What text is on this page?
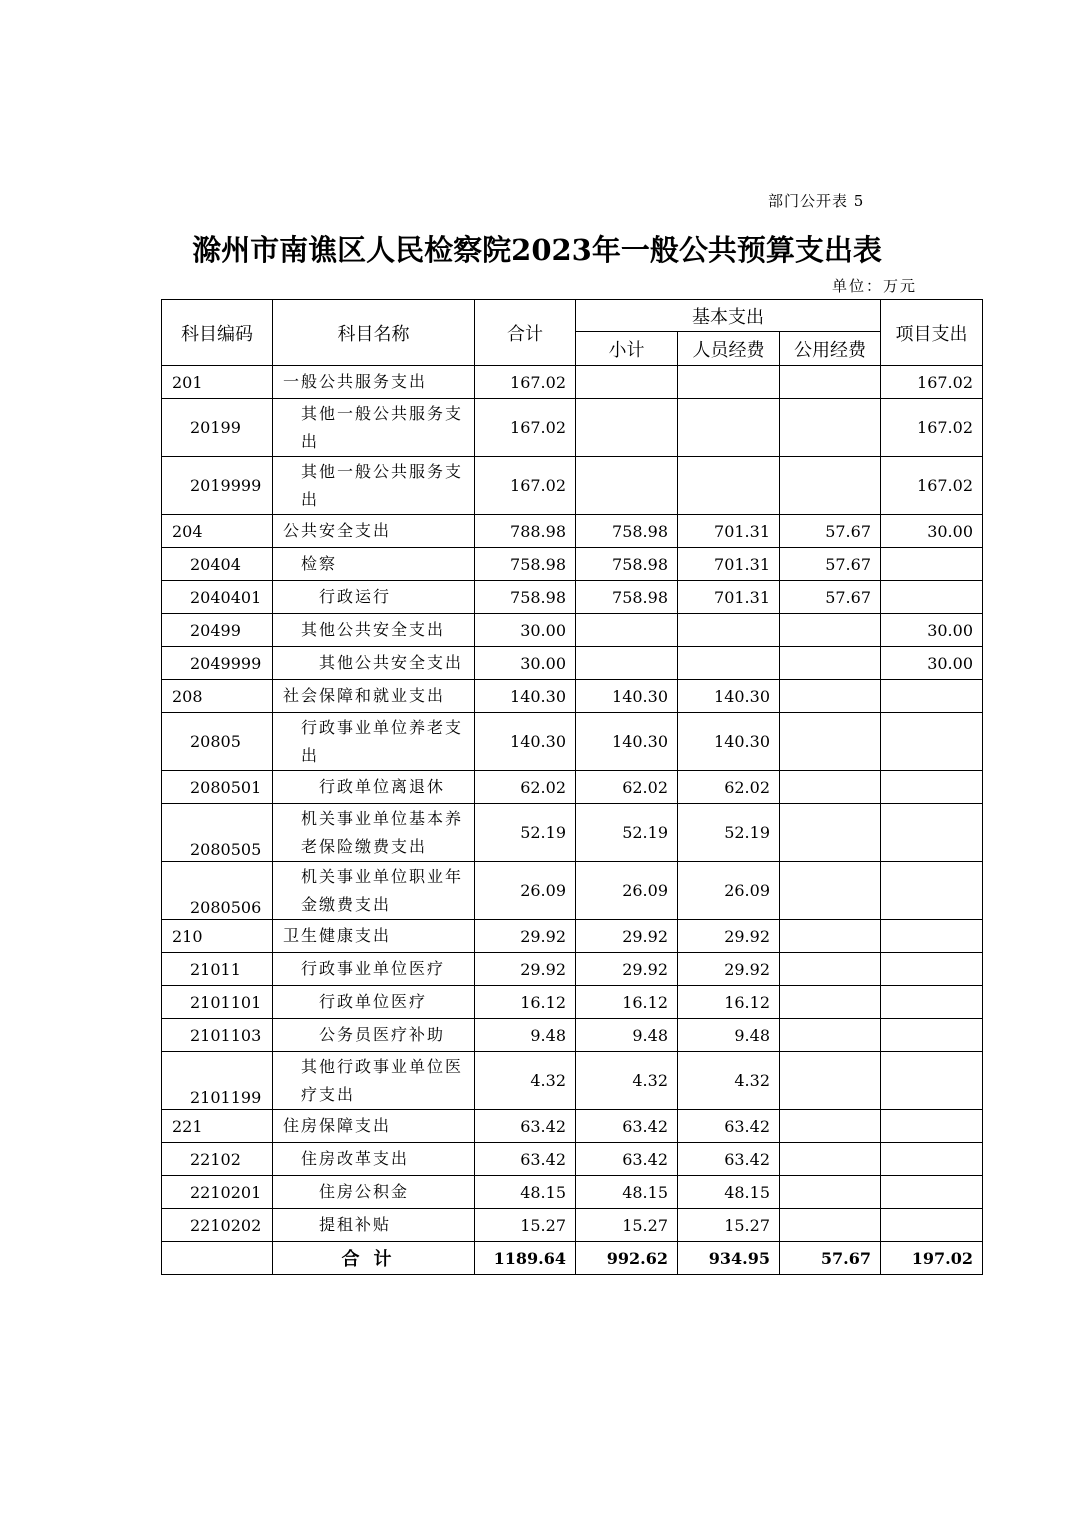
部门公开表 5
滁州市南谯区人民检察院2023年一般公共预算支出表
单位：万元
科目编码	科目名称	合计	基本支出			项目支出
			小计	人员经费	公用经费	
201	一般公共服务支出	167.02				167.02
20199	其他一般公共服务支出	167.02				167.02
2019999	其他一般公共服务支出	167.02				167.02
204	公共安全支出	788.98	758.98	701.31	57.67	30.00
20404	检察	758.98	758.98	701.31	57.67	
2040401	行政运行	758.98	758.98	701.31	57.67	
20499	其他公共安全支出	30.00				30.00
2049999	其他公共安全支出	30.00				30.00
208	社会保障和就业支出	140.30	140.30	140.30		
20805	行政事业单位养老支出	140.30	140.30	140.30		
2080501	行政单位离退休	62.02	62.02	62.02		
2080505	机关事业单位基本养老保险缴费支出	52.19	52.19	52.19		
2080506	机关事业单位职业年金缴费支出	26.09	26.09	26.09		
210	卫生健康支出	29.92	29.92	29.92		
21011	行政事业单位医疗	29.92	29.92	29.92		
2101101	行政单位医疗	16.12	16.12	16.12		
2101103	公务员医疗补助	9.48	9.48	9.48		
2101199	其他行政事业单位医疗支出	4.32	4.32	4.32		
221	住房保障支出	63.42	63.42	63.42		
22102	住房改革支出	63.42	63.42	63.42		
2210201	住房公积金	48.15	48.15	48.15		
2210202	提租补贴	15.27	15.27	15.27		
	合计	1189.64	992.62	934.95	57.67	197.02
